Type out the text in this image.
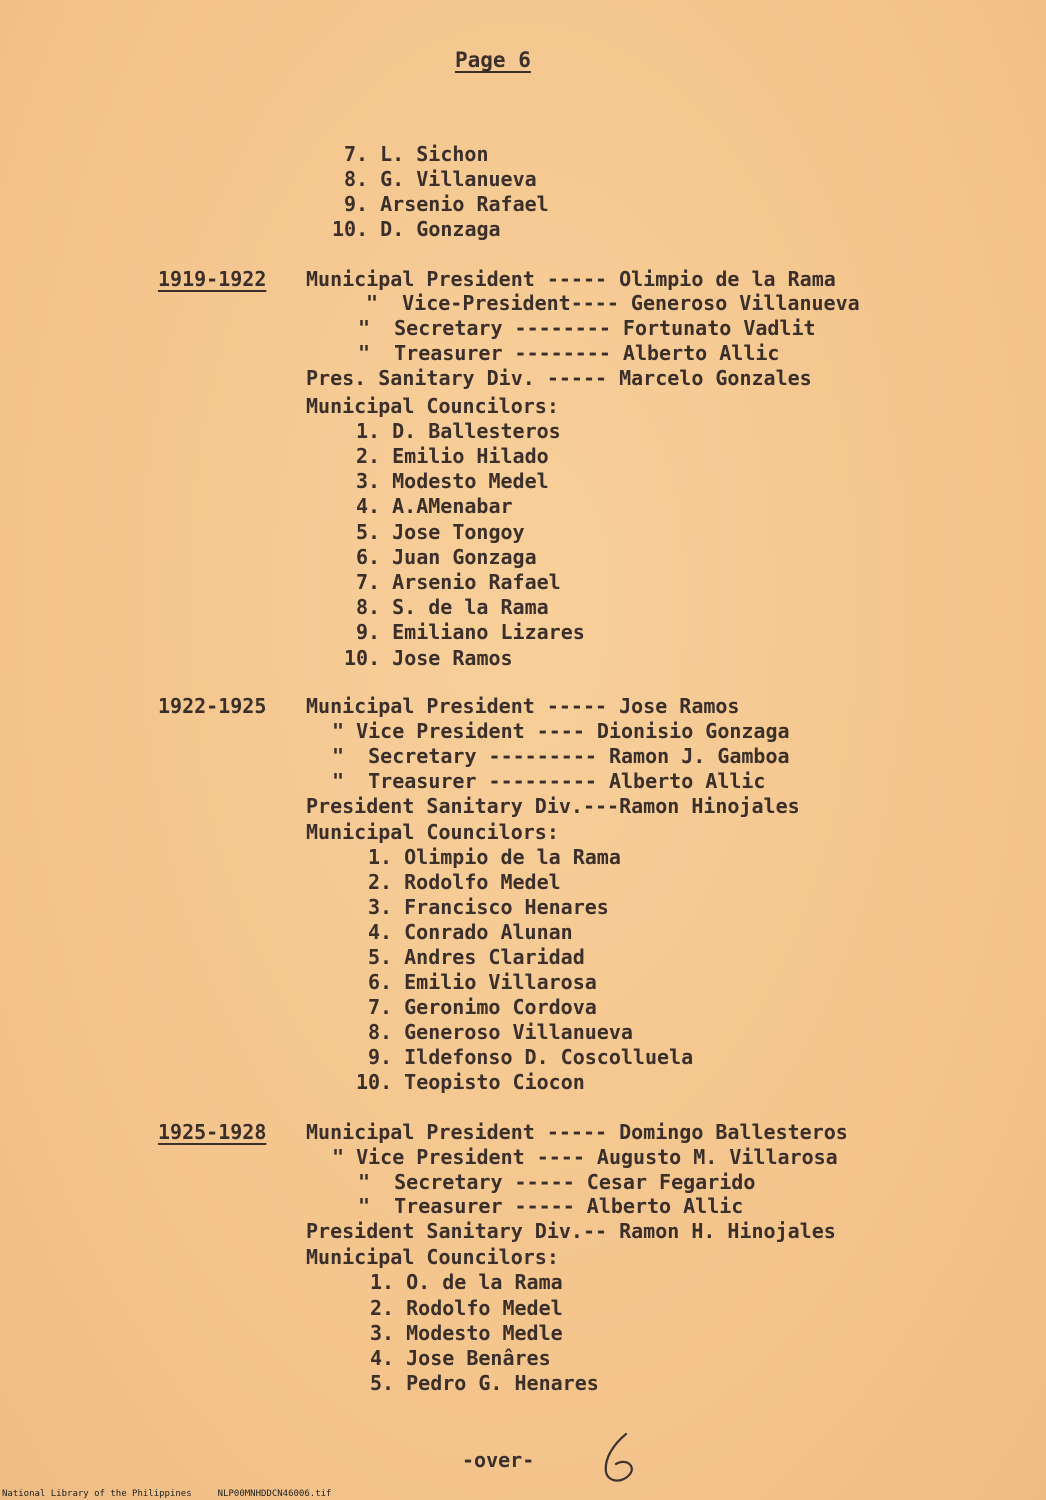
Page 6
7. L. Sichon
8. G. Villanueva
9. Arsenio Rafael
10. D. Gonzaga
1919-1922 Municipal President ----- Olimpio de la Rama
"  Vice-President---- Generoso Villanueva
"  Secretary -------- Fortunato Vadlit
"  Treasurer -------- Alberto Allic
Pres. Sanitary Div. ----- Marcelo Gonzales
Municipal Councilors:
1. D. Ballesteros
2. Emilio Hilado
3. Modesto Medel
4. A.AMenabar
5. Jose Tongoy
6. Juan Gonzaga
7. Arsenio Rafael
8. S. de la Rama
9. Emiliano Lizares
10. Jose Ramos
1922-1925 Municipal President ----- Jose Ramos
" Vice President ---- Dionisio Gonzaga
"  Secretary --------- Ramon J. Gamboa
"  Treasurer --------- Alberto Allic
President Sanitary Div.---Ramon Hinojales
Municipal Councilors:
1. Olimpio de la Rama
2. Rodolfo Medel
3. Francisco Henares
4. Conrado Alunan
5. Andres Claridad
6. Emilio Villarosa
7. Geronimo Cordova
8. Generoso Villanueva
9. Ildefonso D. Coscolluela
10. Teopisto Ciocon
1925-1928 Municipal President ----- Domingo Ballesteros
" Vice President ---- Augusto M. Villarosa
"  Secretary ----- Cesar Fegarido
"  Treasurer ----- Alberto Allic
President Sanitary Div.-- Ramon H. Hinojales
Municipal Councilors:
1. O. de la Rama
2. Rodolfo Medel
3. Modesto Medle
4. Jose Benâres
5. Pedro G. Henares
-over-
National Library of the Philippines	NLP00MNHDDCN46006.tif
